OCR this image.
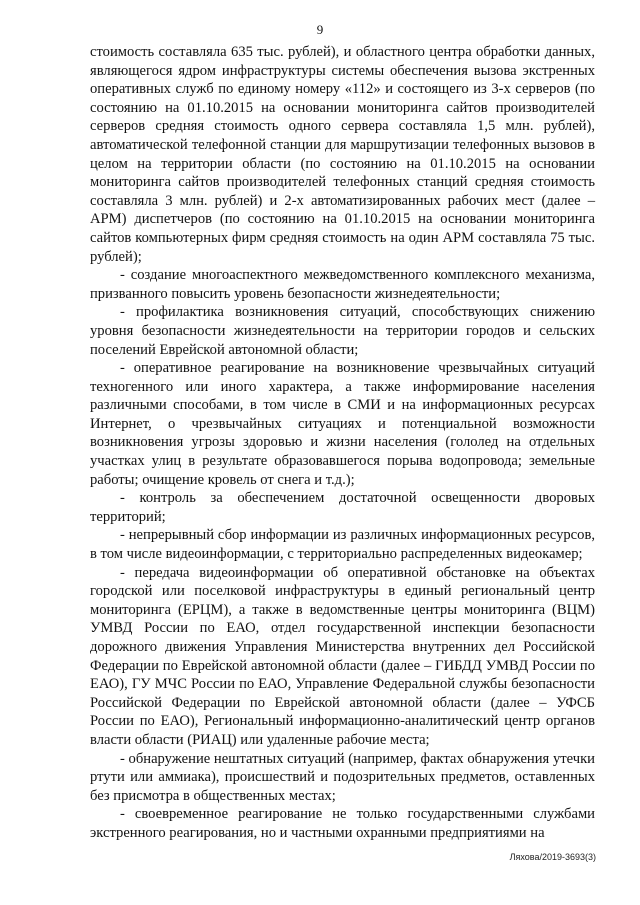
9

стоимость составляла 635 тыс. рублей), и областного центра обработки данных, являющегося ядром инфраструктуры системы обеспечения вызова экстренных оперативных служб по единому номеру «112» и состоящего из 3-х серверов (по состоянию на 01.10.2015 на основании мониторинга сайтов производителей серверов средняя стоимость одного сервера составляла 1,5 млн. рублей), автоматической телефонной станции для маршрутизации телефонных вызовов в целом на территории области (по состоянию на 01.10.2015 на основании мониторинга сайтов производителей телефонных станций средняя стоимость составляла 3 млн. рублей) и 2-х автоматизированных рабочих мест (далее – АРМ) диспетчеров (по состоянию на 01.10.2015 на основании мониторинга сайтов компьютерных фирм средняя стоимость на один АРМ составляла 75 тыс. рублей);

- создание многоаспектного межведомственного комплексного механизма, призванного повысить уровень безопасности жизнедеятельности;

- профилактика возникновения ситуаций, способствующих снижению уровня безопасности жизнедеятельности на территории городов и сельских поселений Еврейской автономной области;

- оперативное реагирование на возникновение чрезвычайных ситуаций техногенного или иного характера, а также информирование населения различными способами, в том числе в СМИ и на информационных ресурсах Интернет, о чрезвычайных ситуациях и потенциальной возможности возникновения угрозы здоровью и жизни населения (гололед на отдельных участках улиц в результате образовавшегося порыва водопровода; земельные работы; очищение кровель от снега и т.д.);

- контроль за обеспечением достаточной освещенности дворовых территорий;

- непрерывный сбор информации из различных информационных ресурсов, в том числе видеоинформации, с территориально распределенных видеокамер;

- передача видеоинформации об оперативной обстановке на объектах городской или поселковой инфраструктуры в единый региональный центр мониторинга (ЕРЦМ), а также в ведомственные центры мониторинга (ВЦМ) УМВД России по ЕАО, отдел государственной инспекции безопасности дорожного движения Управления Министерства внутренних дел Российской Федерации по Еврейской автономной области (далее – ГИБДД УМВД России по ЕАО), ГУ МЧС России по ЕАО, Управление Федеральной службы безопасности Российской Федерации по Еврейской автономной области (далее – УФСБ России по ЕАО), Региональный информационно-аналитический центр органов власти области (РИАЦ) или удаленные рабочие места;

- обнаружение нештатных ситуаций (например, фактах обнаружения утечки ртути или аммиака), происшествий и подозрительных предметов, оставленных без присмотра в общественных местах;

- своевременное реагирование не только государственными службами экстренного реагирования, но и частными охранными предприятиями на

Ляхова/2019-3693(3)
